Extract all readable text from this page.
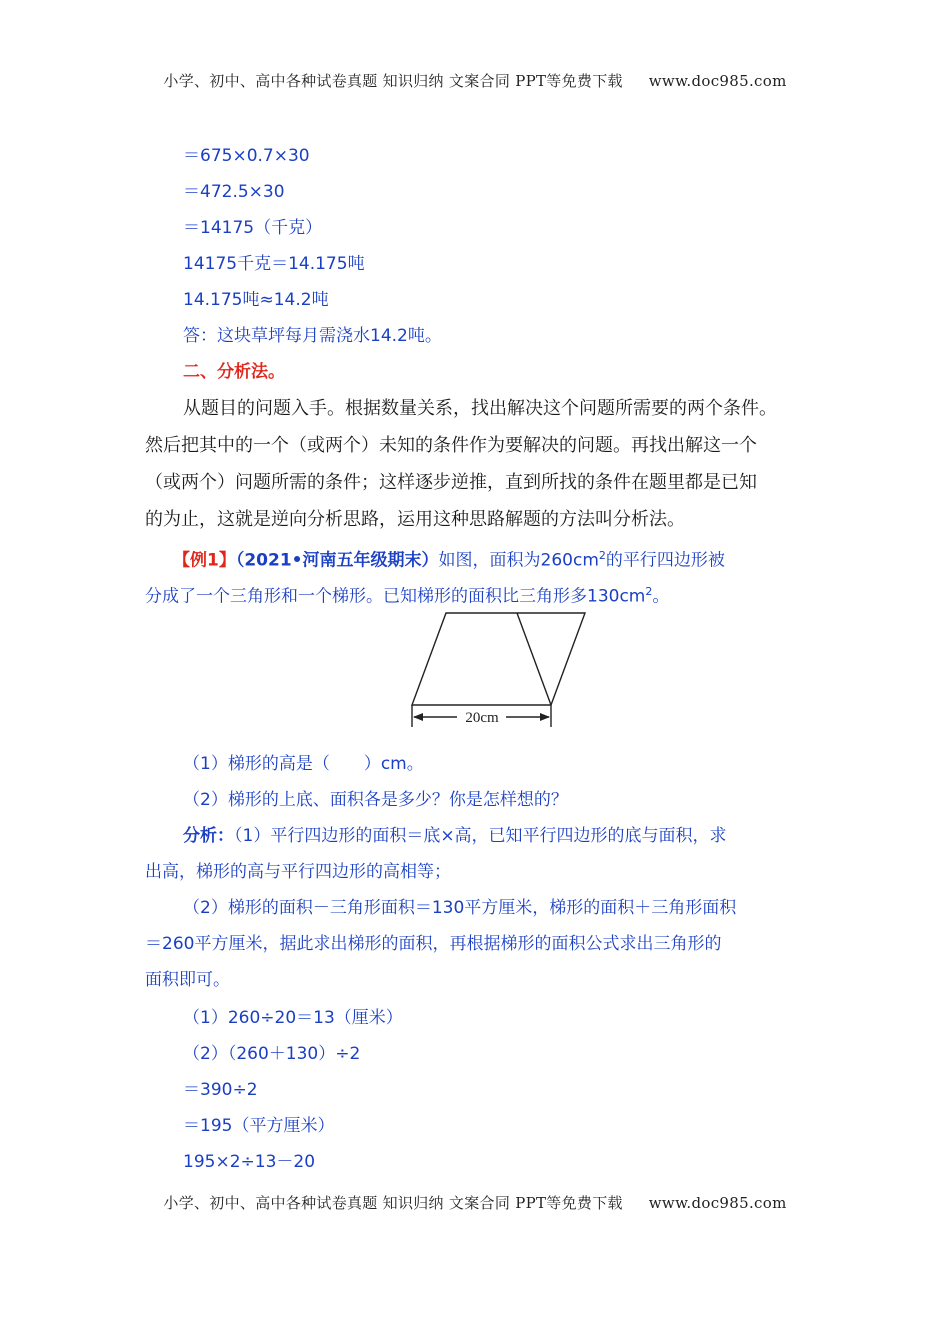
小学、初中、高中各种试卷真题 知识归纳 文案合同 PPT等免费下载 www.doc985.com
＝675×0.7×30
＝472.5×30
＝14175（千克）
14175千克＝14.175吨
14.175吨≈14.2吨
答：这块草坪每月需浇水14.2吨。
二、分析法。
从题目的问题入手。根据数量关系，找出解决这个问题所需要的两个条件。
然后把其中的一个（或两个）未知的条件作为要解决的问题。再找出解这一个
（或两个）问题所需的条件；这样逐步逆推，直到所找的条件在题里都是已知
的为止，这就是逆向分析思路，运用这种思路解题的方法叫分析法。
【例1】（2021•河南五年级期末）如图，面积为$260cm^2$的平行四边形被
分成了一个三角形和一个梯形。已知梯形的面积比三角形多$130cm^2$。
20cm
（1）梯形的高是（　　）cm。
（2）梯形的上底、面积各是多少？你是怎样想的？
分析：（1）平行四边形的面积＝底×高，已知平行四边形的底与面积，求
出高，梯形的高与平行四边形的高相等；
（2）梯形的面积－三角形面积＝130平方厘米，梯形的面积＋三角形面积
＝260平方厘米，据此求出梯形的面积，再根据梯形的面积公式求出三角形的
面积即可。
（1）260÷20＝13（厘米）
（2）（260＋130）÷2
＝390÷2
＝195（平方厘米）
195×2÷13－20
小学、初中、高中各种试卷真题 知识归纳 文案合同 PPT等免费下载 www.doc985.com
